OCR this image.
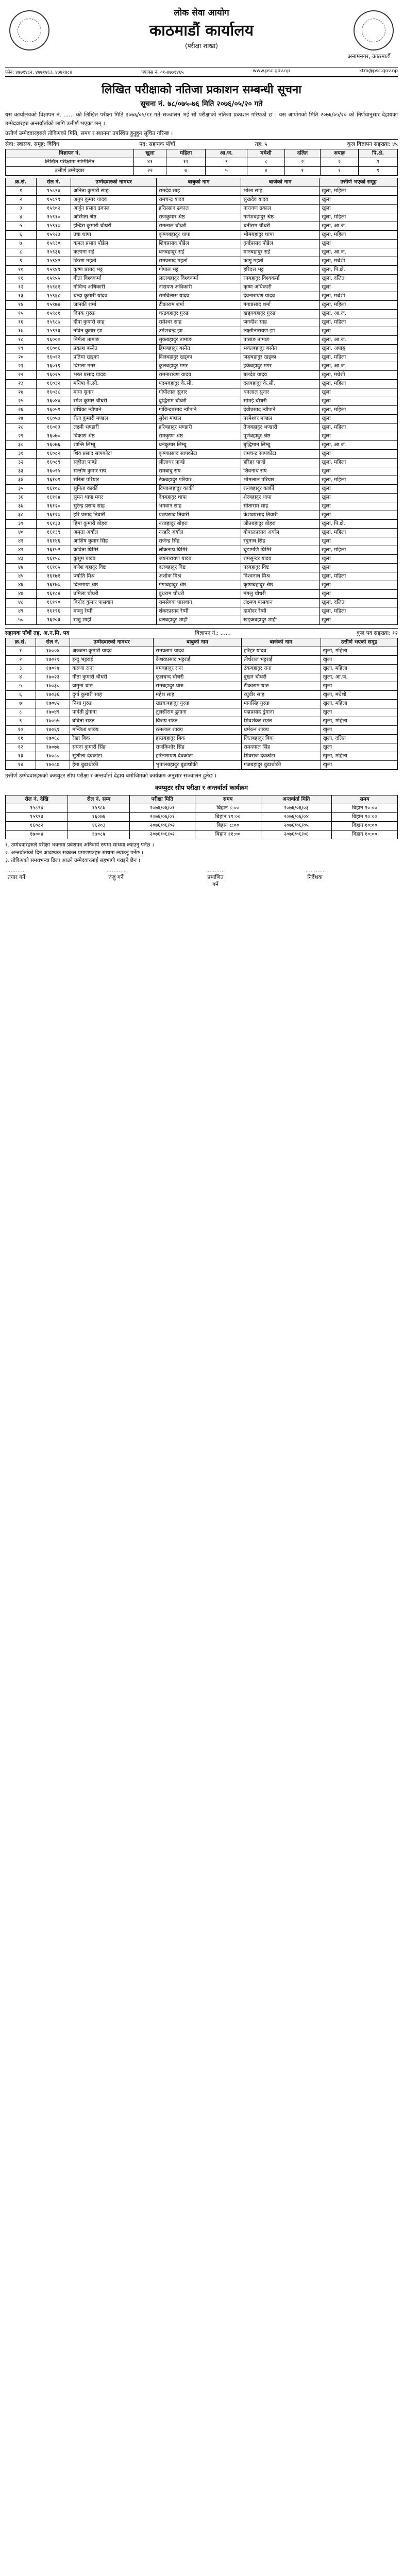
लोक सेवा आयोग
काठमाडौं कार्यालय
(परीक्षा शाखा)
अनामनगर, काठमाडौं
फोन: ४७७१४८२, ४७७१४६३, ४७७१४८४	फ्याक्स नं. ०१-४७७१४६५	www.psc.gov.np	ktm@psc.gov.np
लिखित परीक्षाको नतिजा प्रकाशन सम्बन्धी सूचना
सूचना नं. ७८/०७५-७६ मिति २०७६/०५/२० गते
यस कार्यालयको विज्ञापन नं. ...... को लिखित परीक्षा मिति २०७६/०५/११ गते सञ्चालन भई सो परीक्षाको नतिजा प्रकाशन गरिएको छ । यस आयोगको मिति २०७६/०५/२० को निर्णयानुसार देहायका उम्मेदवारहरु अन्तर्वार्ताको लागि उत्तीर्ण भएका छन् ।
उत्तीर्ण उम्मेदवारहरुले तोकिएको मिति, समय र स्थानमा उपस्थित हुनुहुन सूचित गरिन्छ ।
सेवा: स्वास्थ्य, समूह: विविध	पद: सहायक पाँचौं	तह: ५	कुल विज्ञापन सङ्ख्या: ४५
विज्ञापन नं.	खुला	महिला	आ.ज.	मधेशी	दलित	अपाङ्ग	पि.क्षे.
लिखित परीक्षामा सम्मिलित	४१	१२	९	८	२	२	१
उत्तीर्ण उम्मेदवार	२२	७	५	४	१	१	१
क्र.सं.	रोल नं.	उम्मेदवारको नामथर	बाबुको नाम	बाजेको नाम	उत्तीर्ण भएको समूह
१	१५८९४	अनिता कुमारी साह	रामदेव साह	भोला साह	खुला, महिला
२	१५८९९	अनुप कुमार यादव	रामचन्द्र यादव	सुखदेव यादव	खुला
३	१५९०२	अर्जुन प्रसाद ढकाल	हरिप्रसाद ढकाल	नारायण ढकाल	खुला
४	१५९१०	अस्मिता श्रेष्ठ	राजकुमार श्रेष्ठ	गणेशबहादुर श्रेष्ठ	खुला, महिला
५	१५९१७	इन्दिरा कुमारी चौधरी	रामलाल चौधरी	धनीराम चौधरी	खुला, आ.ज.
६	१५९२३	उषा थापा	कृष्णबहादुर थापा	भीमबहादुर थापा	खुला, महिला
७	१५९३०	कमल प्रसाद पौडेल	शिवप्रसाद पौडेल	दुर्गाप्रसाद पौडेल	खुला
८	१५९३६	कल्पना राई	धनबहादुर राई	मानबहादुर राई	खुला, आ.ज.
९	१५९४२	किरण महतो	रामप्रसाद महतो	फागु महतो	खुला, मधेशी
१०	१५९४९	कृष्ण प्रसाद भट्ट	गोपाल भट्ट	हरिदत्त भट्ट	खुला, पि.क्षे.
११	१५९५५	गीता विश्वकर्मा	लालबहादुर विश्वकर्मा	रनबहादुर विश्वकर्मा	खुला, दलित
१२	१५९६१	गोविन्द अधिकारी	नारायण अधिकारी	कृष्ण अधिकारी	खुला
१३	१५९६८	चन्दा कुमारी यादव	रामविलास यादव	देवनारायण यादव	खुला, मधेशी
१४	१५९७४	जानकी शर्मा	टीकाराम शर्मा	गंगाप्रसाद शर्मा	खुला, महिला
१५	१५९८१	दिपक गुरुङ	चन्द्रबहादुर गुरुङ	खड्गबहादुर गुरुङ	खुला, आ.ज.
१६	१५९८७	दीपा कुमारी साह	रामेश्वर साह	जगदीश साह	खुला, महिला
१७	१५९९३	नविन कुमार झा	उमेशचन्द्र झा	लक्ष्मीनारायण झा	खुला
१८	१६०००	निर्मला तामाङ	सुकबहादुर तामाङ	पासाङ तामाङ	खुला, आ.ज.
१९	१६००६	प्रकाश बस्नेत	हिमबहादुर बस्नेत	भक्तबहादुर बस्नेत	खुला, अपाङ्ग
२०	१६०१२	प्रतिमा खड्का	दिलबहादुर खड्का	जङ्गबहादुर खड्का	खुला, महिला
२१	१६०१९	बिमला मगर	कुलबहादुर मगर	हर्कबहादुर मगर	खुला, आ.ज.
२२	१६०२५	भरत प्रसाद यादव	रामनारायण यादव	बलदेव यादव	खुला, मधेशी
२३	१६०३२	मनिषा के.सी.	पदमबहादुर के.सी.	दलबहादुर के.सी.	खुला, महिला
२४	१६०३८	माया सुनार	गोपीलाल सुनार	धनलाल सुनार	खुला
२५	१६०४४	रमेश कुमार चौधरी	बुद्धिराम चौधरी	सोमई चौधरी	खुला
२६	१६०५१	राधिका न्यौपाने	गोविन्दप्रसाद न्यौपाने	देवीप्रसाद न्यौपाने	खुला, महिला
२७	१६०५७	रीता कुमारी मण्डल	सुरेश मण्डल	परमेश्वर मण्डल	खुला
२८	१६०६३	लक्ष्मी भण्डारी	हरिबहादुर भण्डारी	तेजबहादुर भण्डारी	खुला, महिला
२९	१६०७०	विकास श्रेष्ठ	रामकृष्ण श्रेष्ठ	पूर्णबहादुर श्रेष्ठ	खुला
३०	१६०७६	शान्ति लिम्बू	धनकुमार लिम्बू	बुद्धिमान लिम्बू	खुला, आ.ज.
३१	१६०८२	शिव प्रसाद सापकोटा	कृष्णप्रसाद सापकोटा	रामचन्द्र सापकोटा	खुला
३२	१६०८९	सङ्गीता पाण्डे	लीलाधर पाण्डे	हरिहर पाण्डे	खुला, महिला
३३	१६०९५	सन्तोष कुमार राय	रामबाबु राय	शिवनाथ राय	खुला
३४	१६१०१	सरिता परियार	टेकबहादुर परियार	भीमलाल परियार	खुला, महिला
३५	१६१०८	सुनिता कार्की	दिपकबहादुर कार्की	रत्नबहादुर कार्की	खुला
३६	१६११४	सुमन थापा मगर	देवबहादुर थापा	शेरबहादुर थापा	खुला
३७	१६१२०	सुरेन्द्र प्रसाद साह	भगवान साह	सीताराम साह	खुला
३८	१६१२७	हरि प्रसाद तिवारी	यज्ञप्रसाद तिवारी	केशवप्रसाद तिवारी	खुला
३९	१६१३३	हिमा कुमारी बोहरा	नरबहादुर बोहरा	जीतबहादुर बोहरा	खुला, पि.क्षे.
४०	१६१३९	अमृता अर्याल	नरहरि अर्याल	गोपालप्रसाद अर्याल	खुला, महिला
४१	१६१४६	आशिष कुमार सिंह	राजेन्द्र सिंह	रघुनाथ सिंह	खुला
४२	१६१५२	कविता घिमिरे	लोकनाथ घिमिरे	चूडामणि घिमिरे	खुला, महिला
४३	१६१५८	कुसुम यादव	जयनारायण यादव	रामसुन्दर यादव	खुला
४४	१६१६५	गणेश बहादुर विष्ट	दलबहादुर विष्ट	नरबहादुर विष्ट	खुला
४५	१६१७१	ज्योति मिश्र	अशोक मिश्र	विश्वनाथ मिश्र	खुला, महिला
४६	१६१७७	दिलमाया श्रेष्ठ	गंगाबहादुर श्रेष्ठ	कृष्णबहादुर श्रेष्ठ	खुला
४७	१६१८४	प्रमिला चौधरी	बुधराम चौधरी	मंगलु चौधरी	खुला
४८	१६१९०	बिनोद कुमार पासवान	रामसेवक पासवान	लक्ष्मण पासवान	खुला, दलित
४९	१६१९६	मञ्जु रेग्मी	शंकरप्रसाद रेग्मी	दामोदर रेग्मी	खुला, महिला
५०	१६२०३	राजु शाही	बलबहादुर शाही	खड्कबहादुर शाही	खुला
सहायक पाँचौं तह, अ.न.मि. पद	विज्ञापन नं.: ......	कुल पद सङ्ख्या: १२
क्र.सं.	रोल नं.	उम्मेदवारको नामथर	बाबुको नाम	बाजेको नाम	उत्तीर्ण भएको समूह
१	१७००४	अञ्जना कुमारी यादव	रामप्रताप यादव	हरिहर यादव	खुला, महिला
२	१७०११	इन्दु भट्टराई	केशवप्रसाद भट्टराई	तीर्थराज भट्टराई	खुला
३	१७०१७	करुणा राना	बमबहादुर राना	टंकबहादुर राना	खुला, महिला
४	१७०२३	गीता कुमारी चौधरी	फूलचन्द चौधरी	दुखन चौधरी	खुला, आ.ज.
५	१७०३०	जमुना थारु	रामबहादुर थारु	टीकाराम थारु	खुला
६	१७०३६	दुर्गा कुमारी साह	महेश साह	रघुवीर साह	खुला, मधेशी
७	१७०४२	निशा गुरुङ	खडकबहादुर गुरुङ	मानसिंह गुरुङ	खुला, महिला
८	१७०४९	पार्वती ढुंगाना	तुलसीराम ढुंगाना	पद्मप्रसाद ढुंगाना	खुला
९	१७०५५	बबिता राउत	विजय राउत	शिवशंकर राउत	खुला, महिला
१०	१७०६१	मन्जिता शाक्य	रत्नलाल शाक्य	धर्मरत्न शाक्य	खुला
११	१७०६८	रेखा बिक	हस्तबहादुर बिक	जितबहादुर बिक	खुला, दलित
१२	१७०७४	सपना कुमारी सिंह	राजकिशोर सिंह	रामदयाल सिंह	खुला
१३	१७०८०	सुशीला देवकोटा	हरिनारायण देवकोटा	शिवराज देवकोटा	खुला, महिला
१४	१७०८७	हेमा बुढाथोकी	भुपालबहादुर बुढाथोकी	गजबहादुर बुढाथोकी	खुला
उत्तीर्ण उम्मेदवारहरुको कम्प्युटर सीप परीक्षा र अन्तर्वार्ता देहाय बमोजिमको कार्यक्रम अनुसार सञ्चालन हुनेछ ।
कम्प्युटर सीप परीक्षा र अन्तर्वार्ता कार्यक्रम
रोल नं. देखि	रोल नं. सम्म	परीक्षा मिति	समय	अन्तर्वार्ता मिति	समय
१५८९४	१५९८७	२०७६/०६/०१	बिहान ८:००	२०७६/०६/०३	बिहान १०:००
१५९९३	१६०७६	२०७६/०६/०१	बिहान ११:००	२०७६/०६/०४	बिहान १०:००
१६०८२	१६२०३	२०७६/०६/०२	बिहान ८:००	२०७६/०६/०५	बिहान १०:००
१७००४	१७०८७	२०७६/०६/०२	बिहान ११:००	२०७६/०६/०६	बिहान १०:००
१. उम्मेदवारहरुले परीक्षा भवनमा प्रवेशपत्र अनिवार्य रुपमा साथमा ल्याउनु पर्नेछ ।
२. अन्तर्वार्ताको दिन आवश्यक सक्कल प्रमाणपत्रहरु साथमा ल्याउनु पर्नेछ ।
३. तोकिएको समयभन्दा ढिला आउने उम्मेदवारलाई सहभागी गराइने छैन ।
...........
तयार गर्ने
...........
रुजु गर्ने
...........
प्रमाणित गर्ने
...........
निर्देशक
